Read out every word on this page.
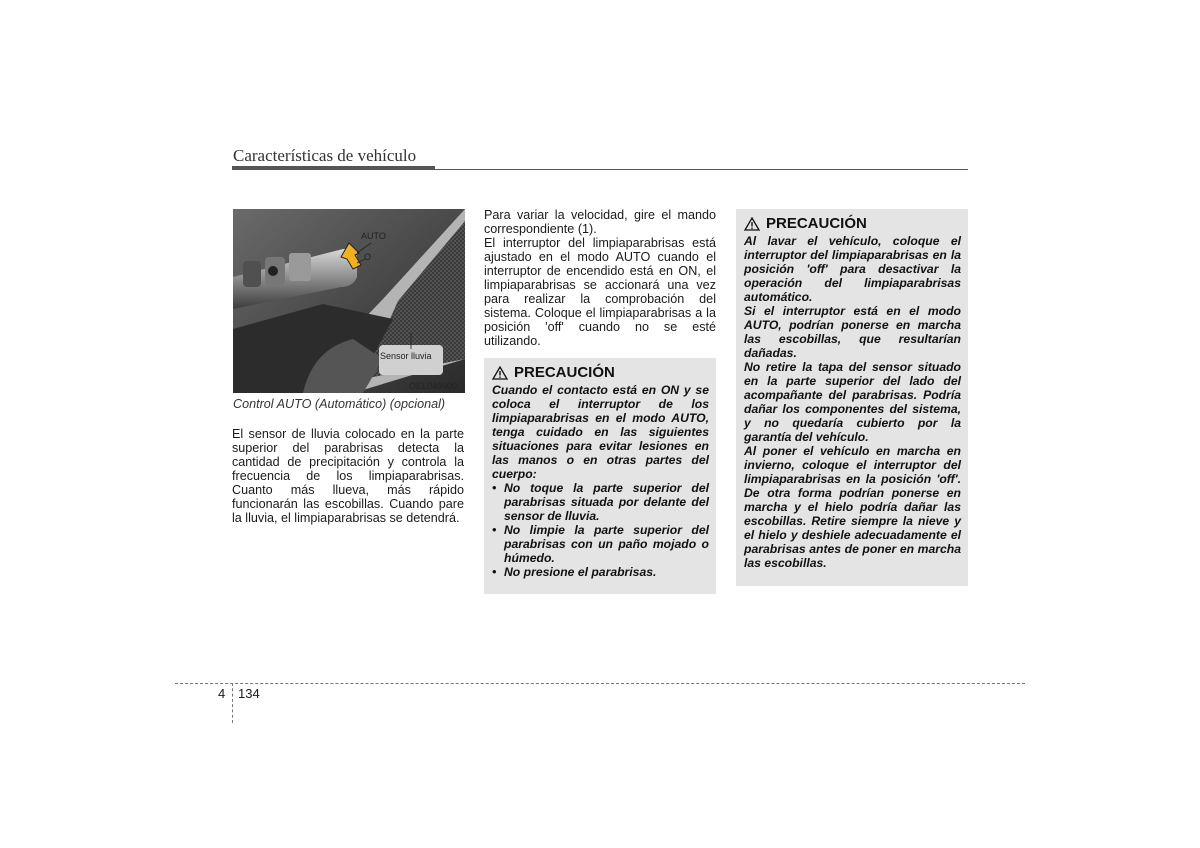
Características de vehículo
AUTO
O
Sensor lluvia
OEL049900
Control AUTO (Automático) (opcional)

El sensor de lluvia colocado en la parte superior del parabrisas detecta la cantidad de precipitación y controla la frecuencia de los limpiaparabrisas. Cuanto más llueva, más rápido funcionarán las escobillas. Cuando pare la lluvia, el limpiaparabrisas se detendrá.

Para variar la velocidad, gire el mando correspondiente (1).

El interruptor del limpiaparabrisas está ajustado en el modo AUTO cuando el interruptor de encendido está en ON, el limpiaparabrisas se accionará una vez para realizar la comprobación del sistema. Coloque el limpiaparabrisas a la posición 'off' cuando no se esté utilizando.

PRECAUCIÓN

Cuando el contacto está en ON y se coloca el interruptor de los limpiaparabrisas en el modo AUTO, tenga cuidado en las siguientes situaciones para evitar lesiones en las manos o en otras partes del cuerpo:

• No toque la parte superior del parabrisas situada por delante del sensor de lluvia.
• No limpie la parte superior del parabrisas con un paño mojado o húmedo.
• No presione el parabrisas.
PRECAUCIÓN

Al lavar el vehículo, coloque el interruptor del limpiaparabrisas en la posición 'off' para desactivar la operación del limpiaparabrisas automático.

Si el interruptor está en el modo AUTO, podrían ponerse en marcha las escobillas, que resultarían dañadas.

No retire la tapa del sensor situado en la parte superior del lado del acompañante del parabrisas. Podría dañar los componentes del sistema, y no quedaría cubierto por la garantía del vehículo.

Al poner el vehículo en marcha en invierno, coloque el interruptor del limpiaparabrisas en la posición 'off'. De otra forma podrían ponerse en marcha y el hielo podría dañar las escobillas. Retire siempre la nieve y el hielo y deshiele adecuadamente el parabrisas antes de poner en marcha las escobillas.

4 134
